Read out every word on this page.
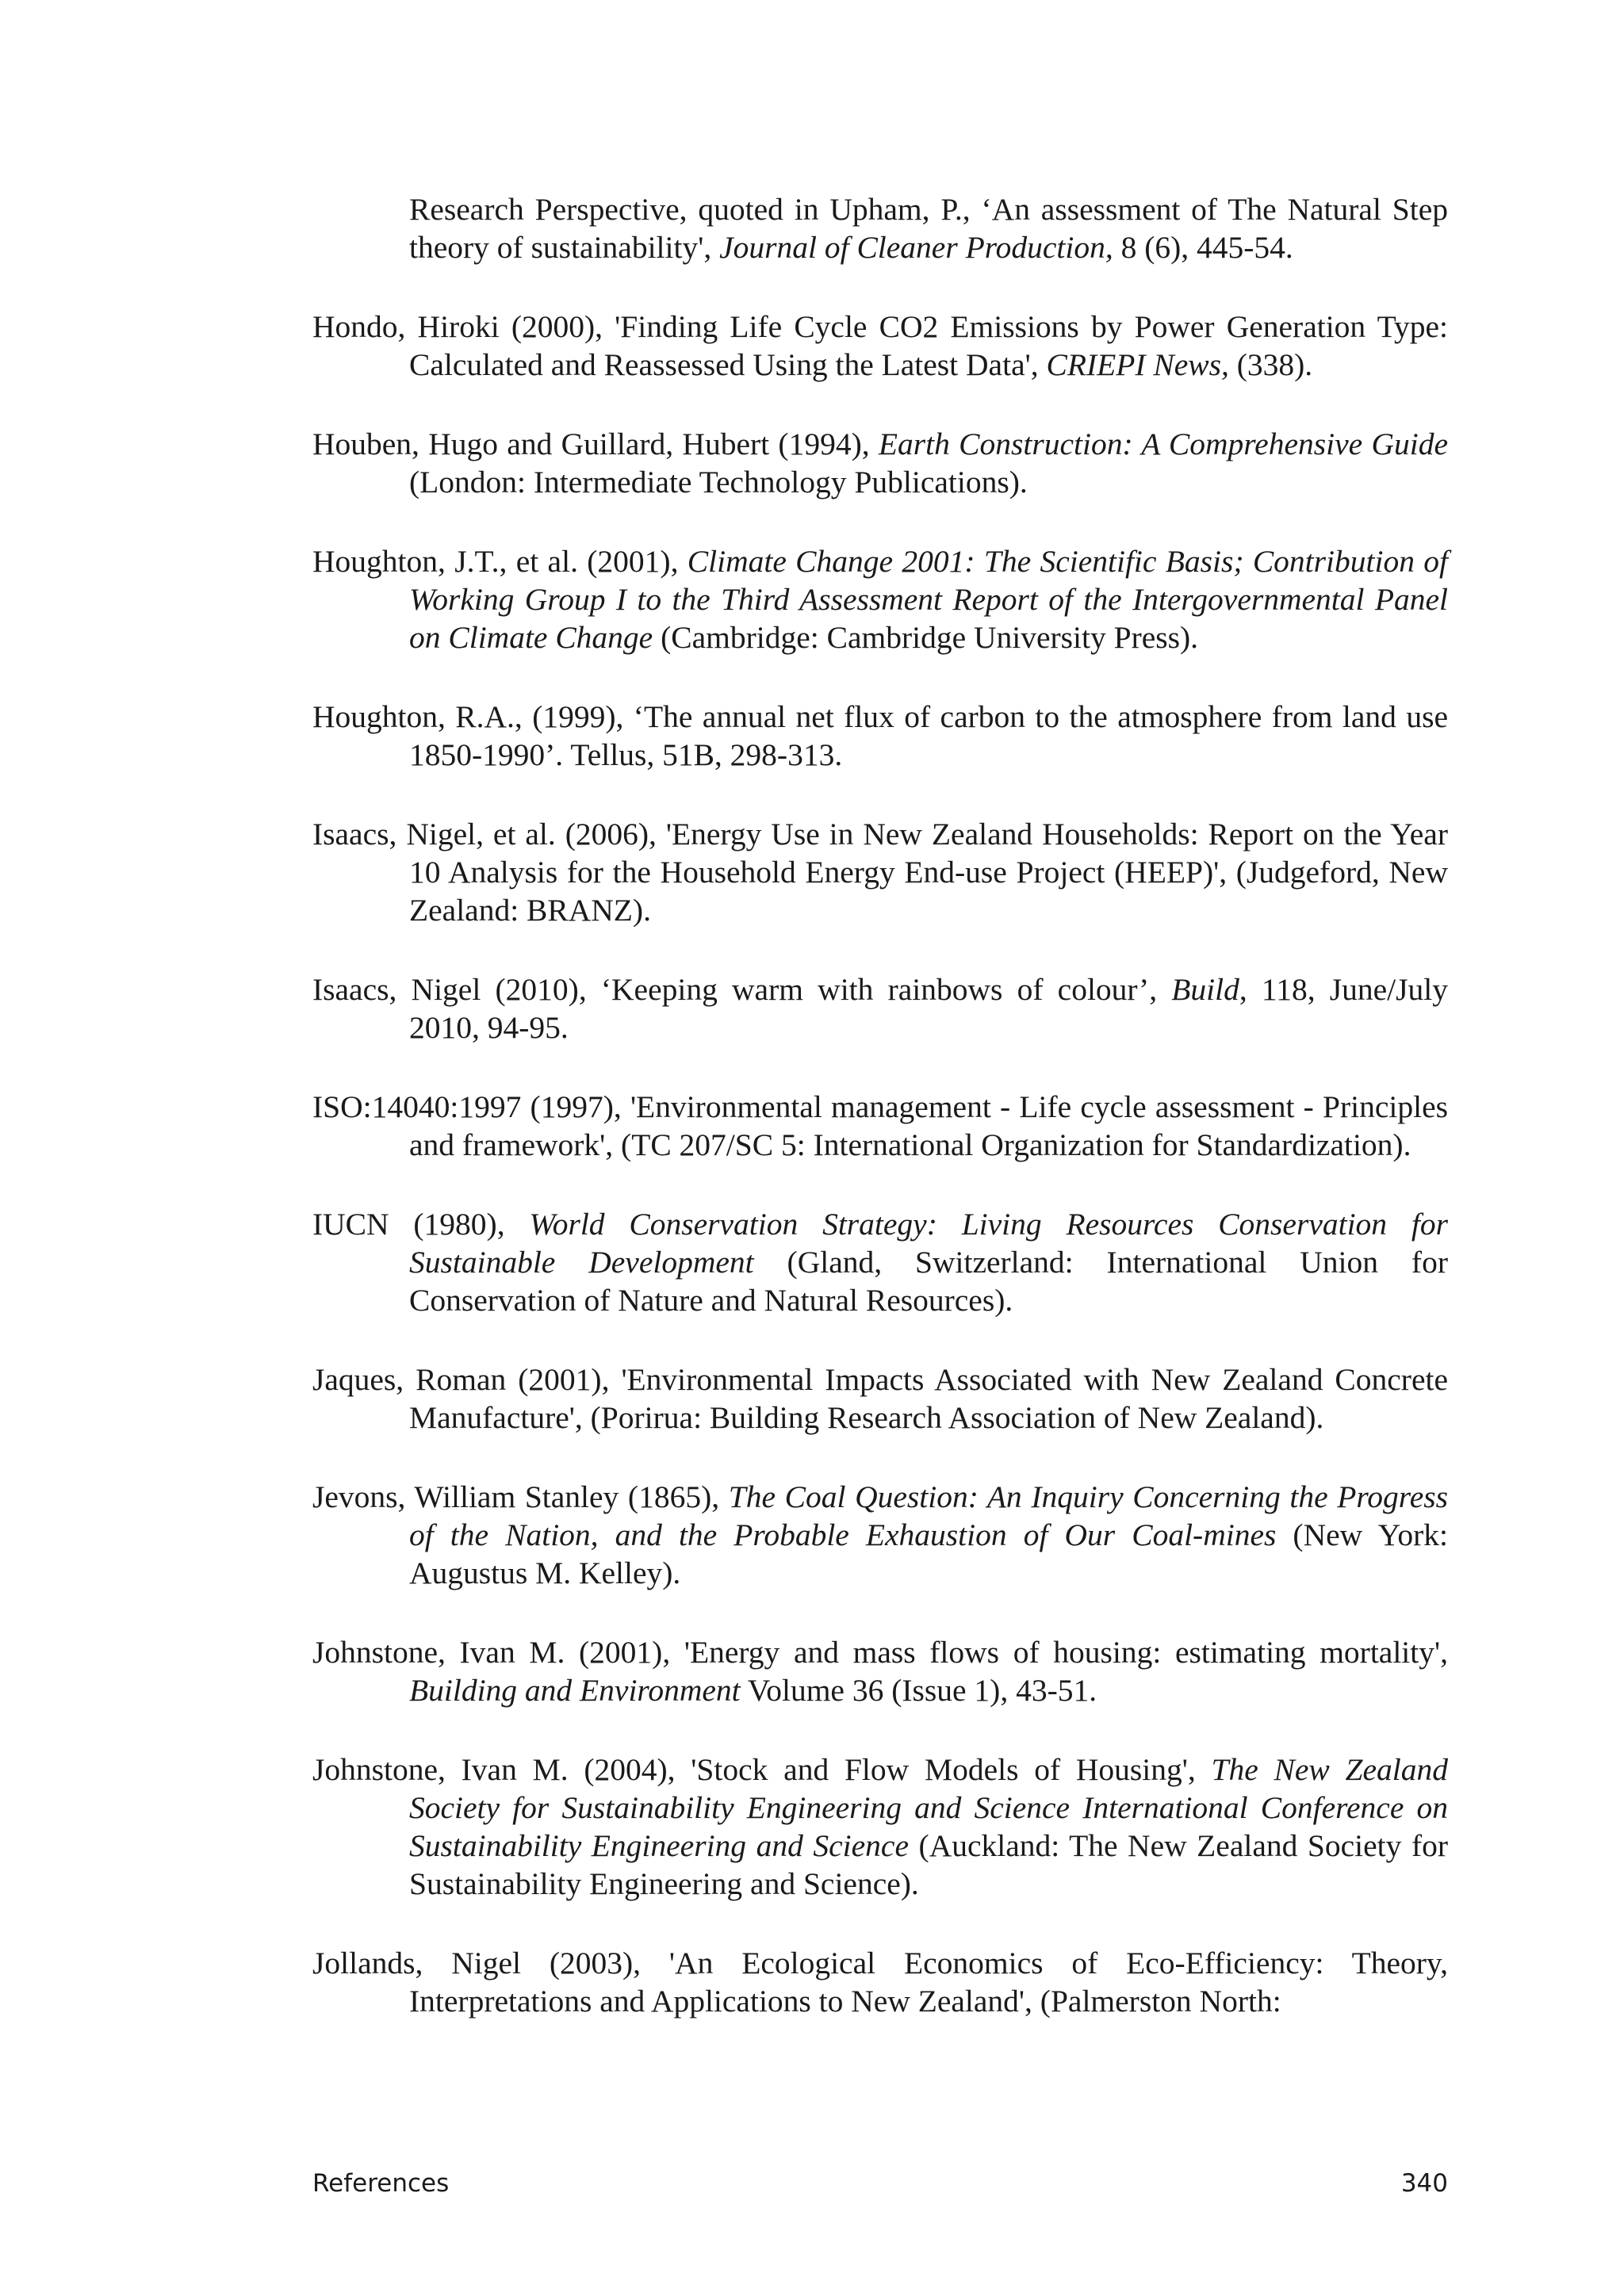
Research Perspective, quoted in Upham, P., ‘An assessment of The Natural Step theory of sustainability', Journal of Cleaner Production, 8 (6), 445-54.

Hondo, Hiroki (2000), 'Finding Life Cycle CO2 Emissions by Power Generation Type: Calculated and Reassessed Using the Latest Data', CRIEPI News, (338).

Houben, Hugo and Guillard, Hubert (1994), Earth Construction: A Comprehensive Guide (London: Intermediate Technology Publications).

Houghton, J.T., et al. (2001), Climate Change 2001: The Scientific Basis; Contribution of Working Group I to the Third Assessment Report of the Intergovernmental Panel on Climate Change (Cambridge: Cambridge University Press).

Houghton, R.A., (1999), ‘The annual net flux of carbon to the atmosphere from land use 1850-1990’. Tellus, 51B, 298-313.

Isaacs, Nigel, et al. (2006), 'Energy Use in New Zealand Households: Report on the Year 10 Analysis for the Household Energy End-use Project (HEEP)', (Judgeford, New Zealand: BRANZ).

Isaacs, Nigel (2010), ‘Keeping warm with rainbows of colour’, Build, 118, June/July 2010, 94-95.

ISO:14040:1997 (1997), 'Environmental management - Life cycle assessment - Principles and framework', (TC 207/SC 5: International Organization for Standardization).

IUCN (1980), World Conservation Strategy: Living Resources Conservation for Sustainable Development (Gland, Switzerland: International Union for Conservation of Nature and Natural Resources).

Jaques, Roman (2001), 'Environmental Impacts Associated with New Zealand Concrete Manufacture', (Porirua: Building Research Association of New Zealand).

Jevons, William Stanley (1865), The Coal Question: An Inquiry Concerning the Progress of the Nation, and the Probable Exhaustion of Our Coal-mines (New York: Augustus M. Kelley).

Johnstone, Ivan M. (2001), 'Energy and mass flows of housing: estimating mortality', Building and Environment Volume 36 (Issue 1), 43-51.

Johnstone, Ivan M. (2004), 'Stock and Flow Models of Housing', The New Zealand Society for Sustainability Engineering and Science International Conference on Sustainability Engineering and Science (Auckland: The New Zealand Society for Sustainability Engineering and Science).

Jollands, Nigel (2003), 'An Ecological Economics of Eco-Efficiency: Theory, Interpretations and Applications to New Zealand', (Palmerston North:

References	340
